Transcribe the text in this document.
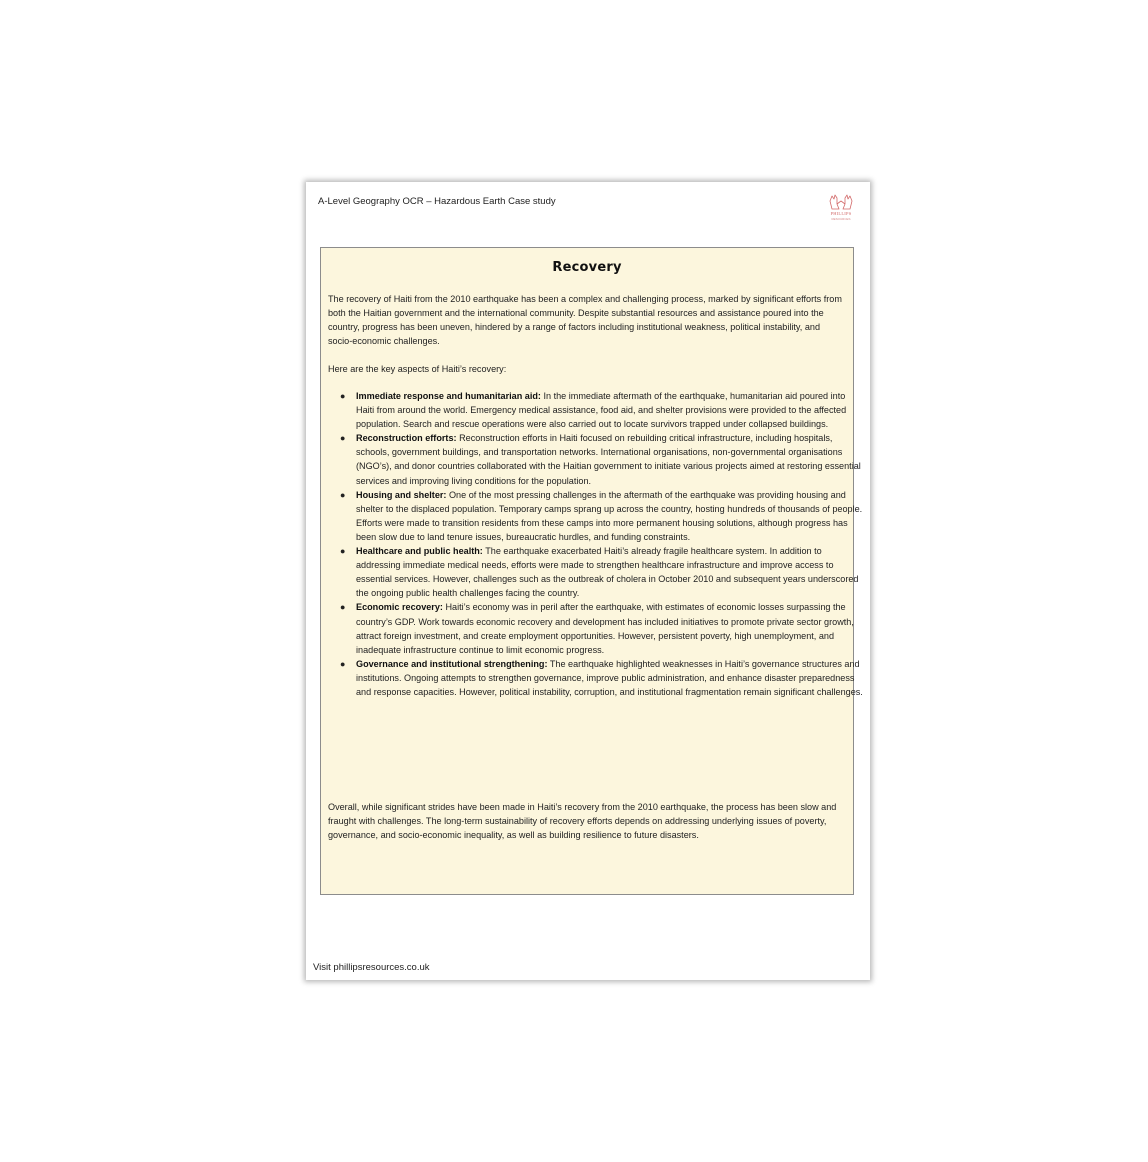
A-Level Geography OCR – Hazardous Earth Case study
PHILLIPS
RESOURCES
Recovery

The recovery of Haiti from the 2010 earthquake has been a complex and challenging process, marked by significant efforts from both the Haitian government and the international community. Despite substantial resources and assistance poured into the country, progress has been uneven, hindered by a range of factors including institutional weakness, political instability, and socio-economic challenges.

Here are the key aspects of Haiti’s recovery:

● Immediate response and humanitarian aid: In the immediate aftermath of the earthquake, humanitarian aid poured into Haiti from around the world. Emergency medical assistance, food aid, and shelter provisions were provided to the affected population. Search and rescue operations were also carried out to locate survivors trapped under collapsed buildings.
● Reconstruction efforts: Reconstruction efforts in Haiti focused on rebuilding critical infrastructure, including hospitals, schools, government buildings, and transportation networks. International organisations, non-governmental organisations (NGO’s), and donor countries collaborated with the Haitian government to initiate various projects aimed at restoring essential services and improving living conditions for the population.
● Housing and shelter: One of the most pressing challenges in the aftermath of the earthquake was providing housing and shelter to the displaced population. Temporary camps sprang up across the country, hosting hundreds of thousands of people. Efforts were made to transition residents from these camps into more permanent housing solutions, although progress has been slow due to land tenure issues, bureaucratic hurdles, and funding constraints.
● Healthcare and public health: The earthquake exacerbated Haiti’s already fragile healthcare system. In addition to addressing immediate medical needs, efforts were made to strengthen healthcare infrastructure and improve access to essential services. However, challenges such as the outbreak of cholera in October 2010 and subsequent years underscored the ongoing public health challenges facing the country.
● Economic recovery: Haiti’s economy was in peril after the earthquake, with estimates of economic losses surpassing the country’s GDP. Work towards economic recovery and development has included initiatives to promote private sector growth, attract foreign investment, and create employment opportunities. However, persistent poverty, high unemployment, and inadequate infrastructure continue to limit economic progress.
● Governance and institutional strengthening: The earthquake highlighted weaknesses in Haiti’s governance structures and institutions. Ongoing attempts to strengthen governance, improve public administration, and enhance disaster preparedness and response capacities. However, political instability, corruption, and institutional fragmentation remain significant challenges.

Overall, while significant strides have been made in Haiti’s recovery from the 2010 earthquake, the process has been slow and fraught with challenges. The long-term sustainability of recovery efforts depends on addressing underlying issues of poverty, governance, and socio-economic inequality, as well as building resilience to future disasters.

Visit phillipsresources.co.uk
